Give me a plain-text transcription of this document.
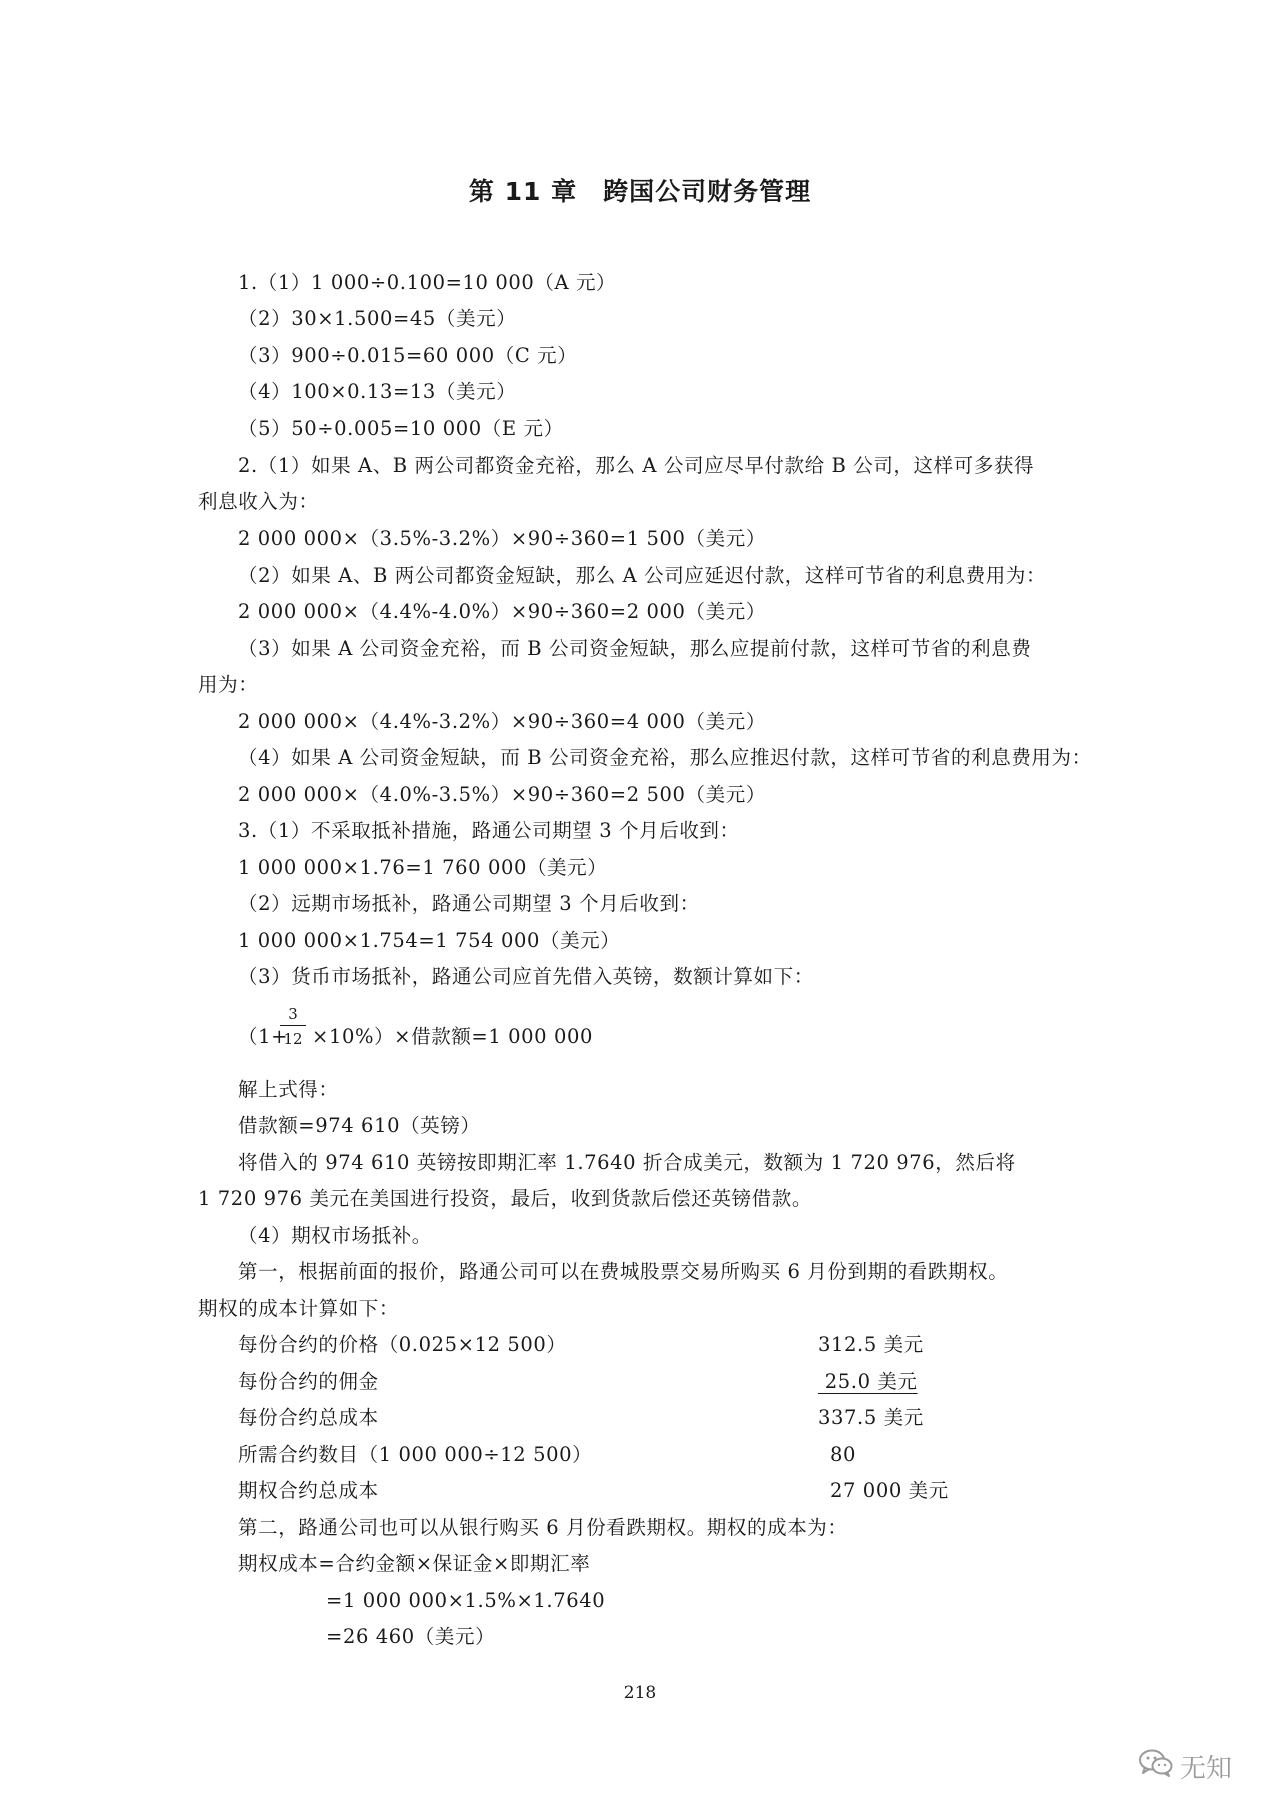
第 11 章　跨国公司财务管理
1.（1）1 000÷0.100=10 000（A 元）
（2）30×1.500=45（美元）
（3）900÷0.015=60 000（C 元）
（4）100×0.13=13（美元）
（5）50÷0.005=10 000（E 元）
2.（1）如果 A、B 两公司都资金充裕，那么 A 公司应尽早付款给 B 公司，这样可多获得
利息收入为：
2 000 000×（3.5%-3.2%）×90÷360=1 500（美元）
（2）如果 A、B 两公司都资金短缺，那么 A 公司应延迟付款，这样可节省的利息费用为：
2 000 000×（4.4%-4.0%）×90÷360=2 000（美元）
（3）如果 A 公司资金充裕，而 B 公司资金短缺，那么应提前付款，这样可节省的利息费
用为：
2 000 000×（4.4%-3.2%）×90÷360=4 000（美元）
（4）如果 A 公司资金短缺，而 B 公司资金充裕，那么应推迟付款，这样可节省的利息费用为：
2 000 000×（4.0%-3.5%）×90÷360=2 500（美元）
3.（1）不采取抵补措施，路通公司期望 3 个月后收到：
1 000 000×1.76=1 760 000（美元）
（2）远期市场抵补，路通公司期望 3 个月后收到：
1 000 000×1.754=1 754 000（美元）
（3）货币市场抵补，路通公司应首先借入英镑，数额计算如下：
（1+
$\frac{3}{12} \times 10\%)\times$借款额=1 000 000
解上式得：
借款额=974 610（英镑）
将借入的 974 610 英镑按即期汇率 1.7640 折合成美元，数额为 1 720 976，然后将
1 720 976 美元在美国进行投资，最后，收到货款后偿还英镑借款。
（4）期权市场抵补。
第一，根据前面的报价，路通公司可以在费城股票交易所购买 6 月份到期的看跌期权。
期权的成本计算如下：
每份合约的价格（0.025×12 500）	312.5 美元
每份合约的佣金	25.0 美元
每份合约总成本	337.5 美元
所需合约数目（1 000 000÷12 500）	80
期权合约总成本	27 000 美元
第二，路通公司也可以从银行购买 6 月份看跌期权。期权的成本为：
期权成本=合约金额×保证金×即期汇率
=1 000 000×1.5%×1.7640
=26 460（美元）
218
无知
